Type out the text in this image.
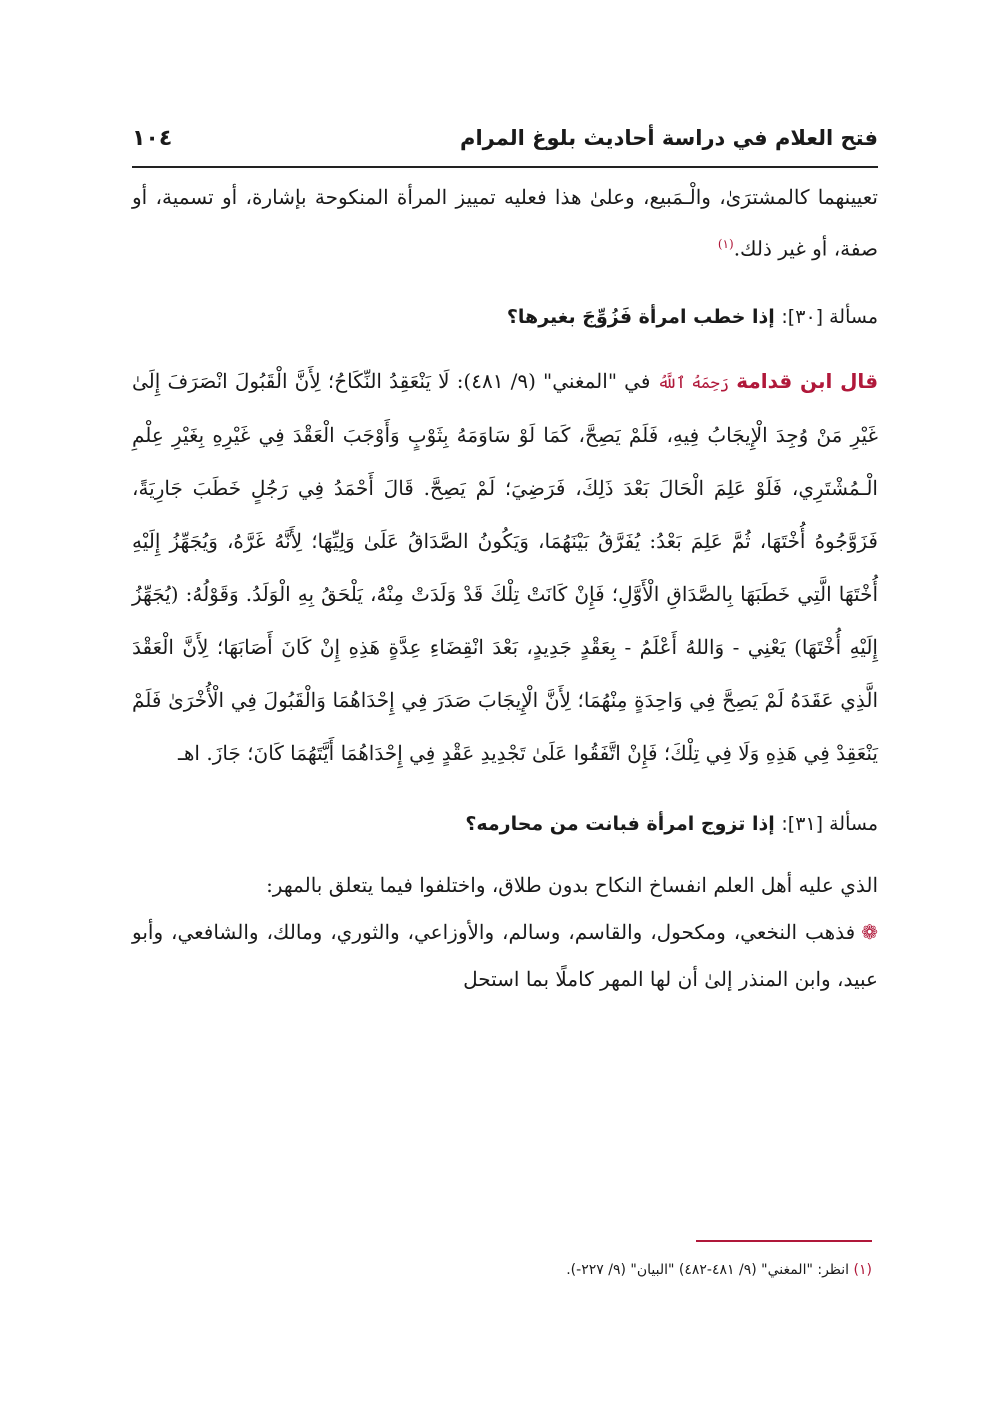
فتح العلام في دراسة أحاديث بلوغ المرام
١٠٤

تعيينهما كالمشترَىٰ، والْـمَبيع، وعلىٰ هذا فعليه تمييز المرأة المنكوحة بإشارة، أو تسمية، أو صفة، أو غير ذلك.$^{(١)}$

مسألة [٣٠]: إذا خطب امرأة فَزُوِّجَ بغيرها؟

قال ابن قدامة رَحِمَهُ ٱللَّهُ في "المغني" (٩/ ٤٨١): لَا يَنْعَقِدُ النِّكَاحُ؛ لِأَنَّ الْقَبُولَ انْصَرَفَ إِلَىٰ غَيْرِ مَنْ وُجِدَ الْإِيجَابُ فِيهِ، فَلَمْ يَصِحَّ، كَمَا لَوْ سَاوَمَهُ بِثَوْبٍ وَأَوْجَبَ الْعَقْدَ فِي غَيْرِهِ بِغَيْرِ عِلْمِ الْـمُشْتَرِي، فَلَوْ عَلِمَ الْحَالَ بَعْدَ ذَلِكَ، فَرَضِيَ؛ لَمْ يَصِحَّ. قَالَ أَحْمَدُ فِي رَجُلٍ خَطَبَ جَارِيَةً، فَزَوَّجُوهُ أُخْتَهَا، ثُمَّ عَلِمَ بَعْدُ: يُفَرَّقُ بَيْنَهُمَا، وَيَكُونُ الصَّدَاقُ عَلَىٰ وَلِيِّهَا؛ لِأَنَّهُ غَرَّهُ، وَيُجَهِّزُ إِلَيْهِ أُخْتَهَا الَّتِي خَطَبَهَا بِالصَّدَاقِ الْأَوَّلِ؛ فَإِنْ كَانَتْ تِلْكَ قَدْ وَلَدَتْ مِنْهُ، يَلْحَقُ بِهِ الْوَلَدُ. وَقَوْلُهُ: (يُجَهِّزُ إِلَيْهِ أُخْتَهَا) يَعْنِي - وَاللهُ أَعْلَمُ - بِعَقْدٍ جَدِيدٍ، بَعْدَ انْقِضَاءِ عِدَّةٍ هَذِهِ إِنْ كَانَ أَصَابَهَا؛ لِأَنَّ الْعَقْدَ الَّذِي عَقَدَهُ لَمْ يَصِحَّ فِي وَاحِدَةٍ مِنْهُمَا؛ لِأَنَّ الْإِيجَابَ صَدَرَ فِي إِحْدَاهُمَا وَالْقَبُولَ فِي الْأُخْرَىٰ فَلَمْ يَنْعَقِدْ فِي هَذِهِ وَلَا فِي تِلْكَ؛ فَإِنْ اتَّفَقُوا عَلَىٰ تَجْدِيدِ عَقْدٍ فِي إِحْدَاهُمَا أَيَّتَهُمَا كَانَ؛ جَازَ. اهـ

مسألة [٣١]: إذا تزوج امرأة فبانت من محارمه؟

الذي عليه أهل العلم انفساخ النكاح بدون طلاق، واختلفوا فيما يتعلق بالمهر:

❁فذهب النخعي، ومكحول، والقاسم، وسالم، والأوزاعي، والثوري، ومالك، والشافعي، وأبو عبيد، وابن المنذر إلىٰ أن لها المهر كاملًا بما استحل

(١) انظر: "المغني" (٩/ ٤٨١-٤٨٢) "البيان" (٩/ ٢٢٧-).
